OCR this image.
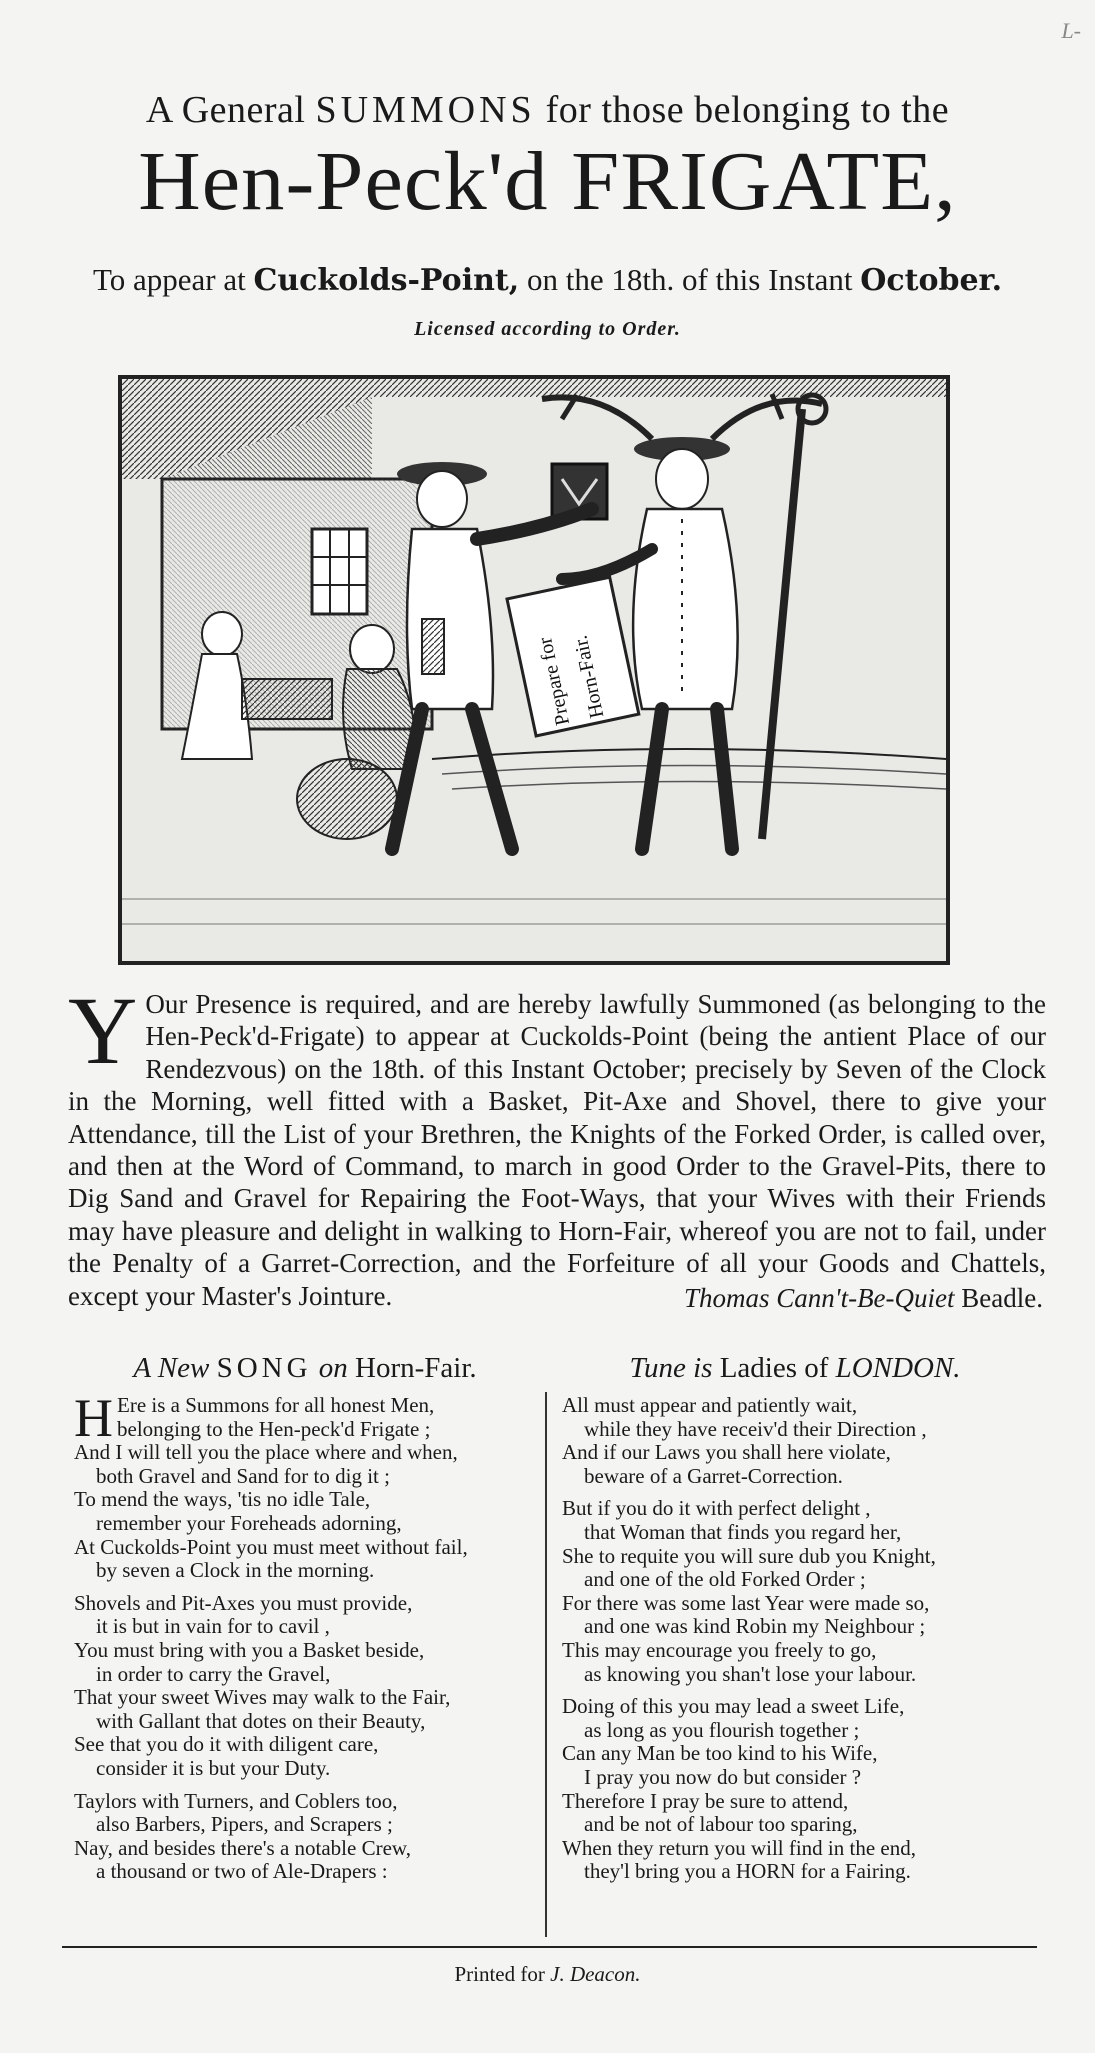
L-
A General SUMMONS for those belonging to the
Hen-Peck'd FRIGATE,
To appear at Cuckolds-Point, on the 18th. of this Instant October.
Licensed according to Order.
Prepare for
Horn-Fair.
Y Our Presence is required, and are hereby lawfully Summoned (as belonging to the Hen-Peck'd-Frigate) to appear at Cuckolds-Point (being the antient Place of our Rendezvous) on the 18th. of this Instant October; precisely by Seven of the Clock in the Morning, well fitted with a Basket, Pit-Axe and Shovel, there to give your Attendance, till the List of your Brethren, the Knights of the Forked Order, is called over, and then at the Word of Command, to march in good Order to the Gravel-Pits, there to Dig Sand and Gravel for Repairing the Foot-Ways, that your Wives with their Friends may have pleasure and delight in walking to Horn-Fair, whereof you are not to fail, under the Penalty of a Garret-Correction, and the Forfeiture of all your Goods and Chattels, except your Master's Jointure.	Thomas Cann't-Be-Quiet Beadle.
A New SONG on Horn-Fair.	Tune is Ladies of LONDON.
H Ere is a Summons for all honest Men,
belonging to the Hen-peck'd Frigate ;
And I will tell you the place where and when,
both Gravel and Sand for to dig it ;
To mend the ways, 'tis no idle Tale,
remember your Foreheads adorning,
At Cuckolds-Point you must meet without fail,
by seven a Clock in the morning.
Shovels and Pit-Axes you must provide,
it is but in vain for to cavil ,
You must bring with you a Basket beside,
in order to carry the Gravel,
That your sweet Wives may walk to the Fair,
with Gallant that dotes on their Beauty,
See that you do it with diligent care,
consider it is but your Duty.
Taylors with Turners, and Coblers too,
also Barbers, Pipers, and Scrapers ;
Nay, and besides there's a notable Crew,
a thousand or two of Ale-Drapers :
All must appear and patiently wait,
while they have receiv'd their Direction ,
And if our Laws you shall here violate,
beware of a Garret-Correction.
But if you do it with perfect delight ,
that Woman that finds you regard her,
She to requite you will sure dub you Knight,
and one of the old Forked Order ;
For there was some last Year were made so,
and one was kind Robin my Neighbour ;
This may encourage you freely to go,
as knowing you shan't lose your labour.
Doing of this you may lead a sweet Life,
as long as you flourish together ;
Can any Man be too kind to his Wife,
I pray you now do but consider ?
Therefore I pray be sure to attend,
and be not of labour too sparing,
When they return you will find in the end,
they'l bring you a HORN for a Fairing.
Printed for J. Deacon.
